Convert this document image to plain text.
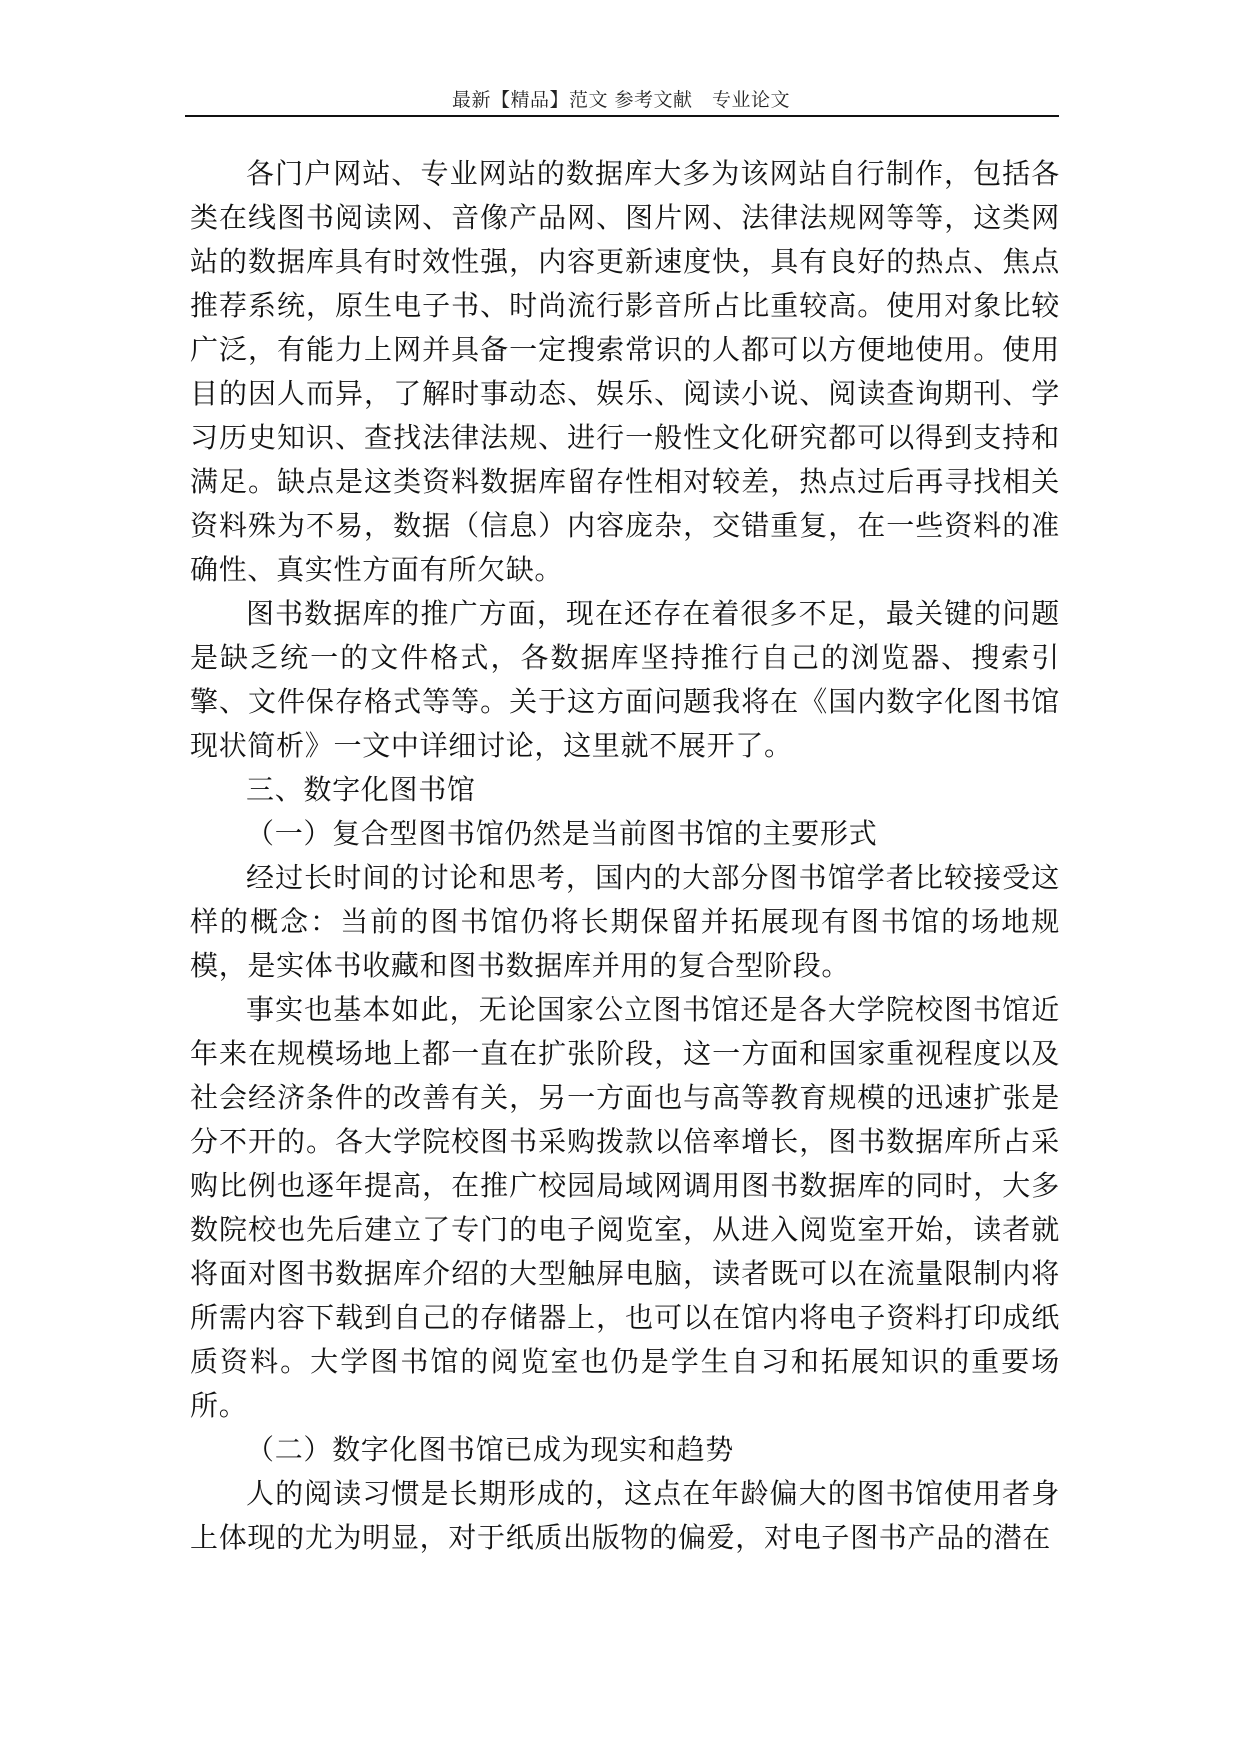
最新【精品】范文 参考文献　专业论文

各门户网站、专业网站的数据库大多为该网站自行制作，包括各类在线图书阅读网、音像产品网、图片网、法律法规网等等，这类网站的数据库具有时效性强，内容更新速度快，具有良好的热点、焦点推荐系统，原生电子书、时尚流行影音所占比重较高。使用对象比较广泛，有能力上网并具备一定搜索常识的人都可以方便地使用。使用目的因人而异，了解时事动态、娱乐、阅读小说、阅读查询期刊、学习历史知识、查找法律法规、进行一般性文化研究都可以得到支持和满足。缺点是这类资料数据库留存性相对较差，热点过后再寻找相关资料殊为不易，数据（信息）内容庞杂，交错重复，在一些资料的准确性、真实性方面有所欠缺。

图书数据库的推广方面，现在还存在着很多不足，最关键的问题是缺乏统一的文件格式，各数据库坚持推行自己的浏览器、搜索引擎、文件保存格式等等。关于这方面问题我将在《国内数字化图书馆现状简析》一文中详细讨论，这里就不展开了。

三、数字化图书馆

（一）复合型图书馆仍然是当前图书馆的主要形式

经过长时间的讨论和思考，国内的大部分图书馆学者比较接受这样的概念：当前的图书馆仍将长期保留并拓展现有图书馆的场地规模，是实体书收藏和图书数据库并用的复合型阶段。

事实也基本如此，无论国家公立图书馆还是各大学院校图书馆近年来在规模场地上都一直在扩张阶段，这一方面和国家重视程度以及社会经济条件的改善有关，另一方面也与高等教育规模的迅速扩张是分不开的。各大学院校图书采购拨款以倍率增长，图书数据库所占采购比例也逐年提高，在推广校园局域网调用图书数据库的同时，大多数院校也先后建立了专门的电子阅览室，从进入阅览室开始，读者就将面对图书数据库介绍的大型触屏电脑，读者既可以在流量限制内将所需内容下载到自己的存储器上，也可以在馆内将电子资料打印成纸质资料。大学图书馆的阅览室也仍是学生自习和拓展知识的重要场所。

（二）数字化图书馆已成为现实和趋势

人的阅读习惯是长期形成的，这点在年龄偏大的图书馆使用者身上体现的尤为明显，对于纸质出版物的偏爱，对电子图书产品的潜在
